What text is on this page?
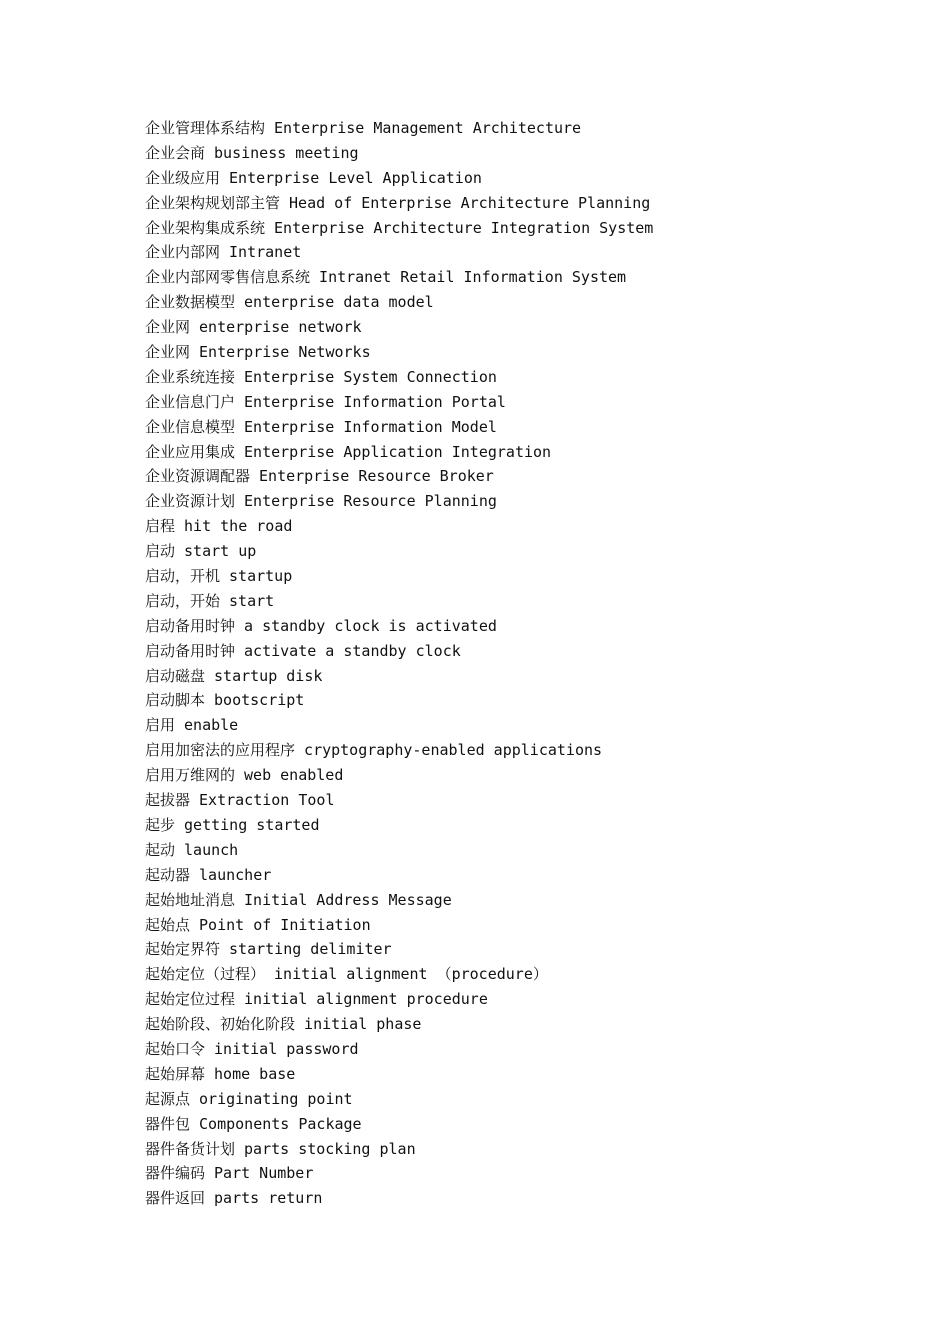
企业管理体系结构 Enterprise Management Architecture
企业会商 business meeting
企业级应用 Enterprise Level Application
企业架构规划部主管 Head of Enterprise Architecture Planning
企业架构集成系统 Enterprise Architecture Integration System
企业内部网 Intranet
企业内部网零售信息系统 Intranet Retail Information System
企业数据模型 enterprise data model
企业网 enterprise network
企业网 Enterprise Networks
企业系统连接 Enterprise System Connection
企业信息门户 Enterprise Information Portal
企业信息模型 Enterprise Information Model
企业应用集成 Enterprise Application Integration
企业资源调配器 Enterprise Resource Broker
企业资源计划 Enterprise Resource Planning
启程 hit the road
启动 start up
启动，开机 startup
启动，开始 start
启动备用时钟 a standby clock is activated
启动备用时钟 activate a standby clock
启动磁盘 startup disk
启动脚本 bootscript
启用 enable
启用加密法的应用程序 cryptography-enabled applications
启用万维网的 web enabled
起拔器 Extraction Tool
起步 getting started
起动 launch
起动器 launcher
起始地址消息 Initial Address Message
起始点 Point of Initiation
起始定界符 starting delimiter
起始定位（过程） initial alignment （procedure）
起始定位过程 initial alignment procedure
起始阶段、初始化阶段 initial phase
起始口令 initial password
起始屏幕 home base
起源点 originating point
器件包 Components Package
器件备货计划 parts stocking plan
器件编码 Part Number
器件返回 parts return
